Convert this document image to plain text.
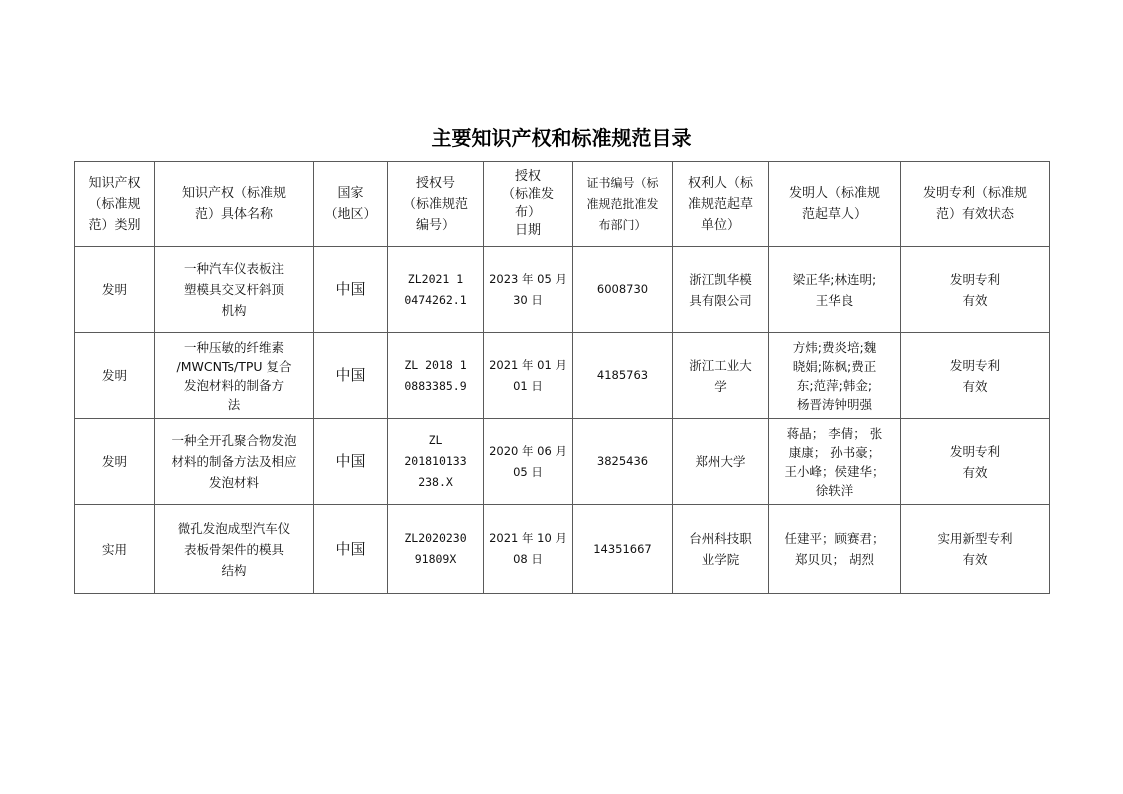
主要知识产权和标准规范目录
知识产权
（标准规
范）类别	知识产权（标准规
范）具体名称	国家
（地区）	授权号
（标准规范
编号）	授权
（标准发
布）
日期	证书编号（标
准规范批准发
布部门）	权利人（标
准规范起草
单位）	发明人（标准规
范起草人）	发明专利（标准规
范）有效状态

发明	一种汽车仪表板注
塑模具交叉杆斜顶
机构	中国	ZL2021 1
0474262.1	2023 年 05 月
30 日	6008730	浙江凯华模
具有限公司	梁正华;林连明;
王华良	发明专利
有效

发明	一种压敏的纤维素
/MWCNTs/TPU 复合
发泡材料的制备方
法	中国	ZL 2018 1
0883385.9	2021 年 01 月
01 日	4185763	浙江工业大
学	方炜;费炎培;魏
晓娟;陈枫;费正
东;范萍;韩金;
杨晋涛钟明强	发明专利
有效

发明	一种全开孔聚合物发泡
材料的制备方法及相应
发泡材料	中国	ZL
201810133
238.X	2020 年 06 月
05 日	3825436	郑州大学	蒋晶； 李倩； 张
康康； 孙书豪；
王小峰；侯建华；
徐轶洋	发明专利
有效

实用	微孔发泡成型汽车仪
表板骨架件的模具
结构	中国	ZL2020230
91809X	2021 年 10 月
08 日	14351667	台州科技职
业学院	任建平；顾赛君；
郑贝贝； 胡烈	实用新型专利
有效
